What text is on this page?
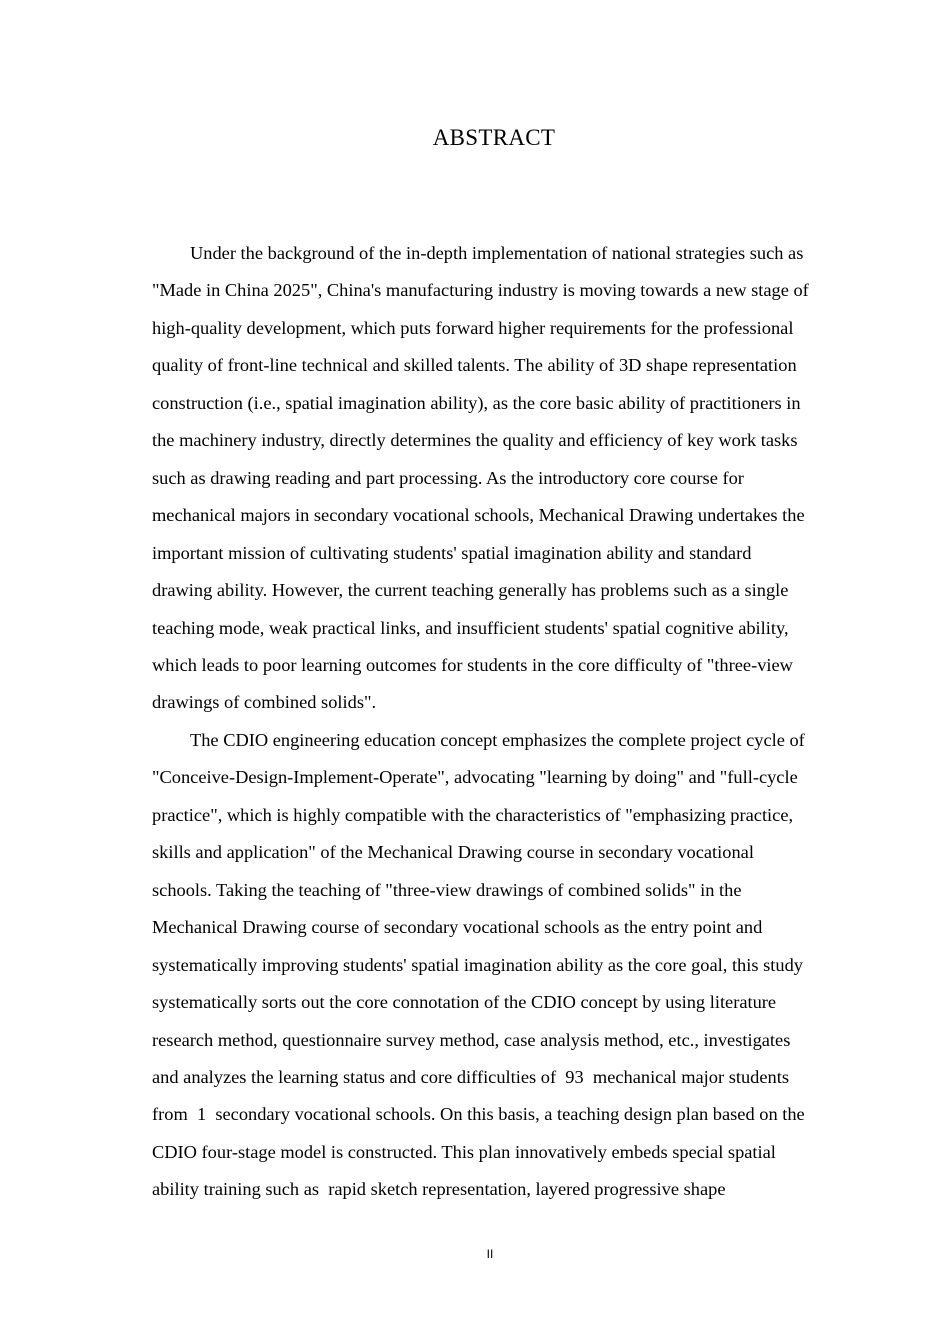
ABSTRACT

Under the background of the in-depth implementation of national strategies such as
"Made in China 2025", China's manufacturing industry is moving towards a new stage of
high-quality development, which puts forward higher requirements for the professional
quality of front-line technical and skilled talents. The ability of 3D shape representation
construction (i.e., spatial imagination ability), as the core basic ability of practitioners in
the machinery industry, directly determines the quality and efficiency of key work tasks
such as drawing reading and part processing. As the introductory core course for
mechanical majors in secondary vocational schools, Mechanical Drawing undertakes the
important mission of cultivating students' spatial imagination ability and standard
drawing ability. However, the current teaching generally has problems such as a single
teaching mode, weak practical links, and insufficient students' spatial cognitive ability,
which leads to poor learning outcomes for students in the core difficulty of "three-view
drawings of combined solids".

The CDIO engineering education concept emphasizes the complete project cycle of
"Conceive-Design-Implement-Operate", advocating "learning by doing" and "full-cycle
practice", which is highly compatible with the characteristics of "emphasizing practice,
skills and application" of the Mechanical Drawing course in secondary vocational
schools. Taking the teaching of "three-view drawings of combined solids" in the
Mechanical Drawing course of secondary vocational schools as the entry point and
systematically improving students' spatial imagination ability as the core goal, this study
systematically sorts out the core connotation of the CDIO concept by using literature
research method, questionnaire survey method, case analysis method, etc., investigates
and analyzes the learning status and core difficulties of  93  mechanical major students
from  1  secondary vocational schools. On this basis, a teaching design plan based on the
CDIO four-stage model is constructed. This plan innovatively embeds special spatial
ability training such as  rapid sketch representation, layered progressive shape

II
